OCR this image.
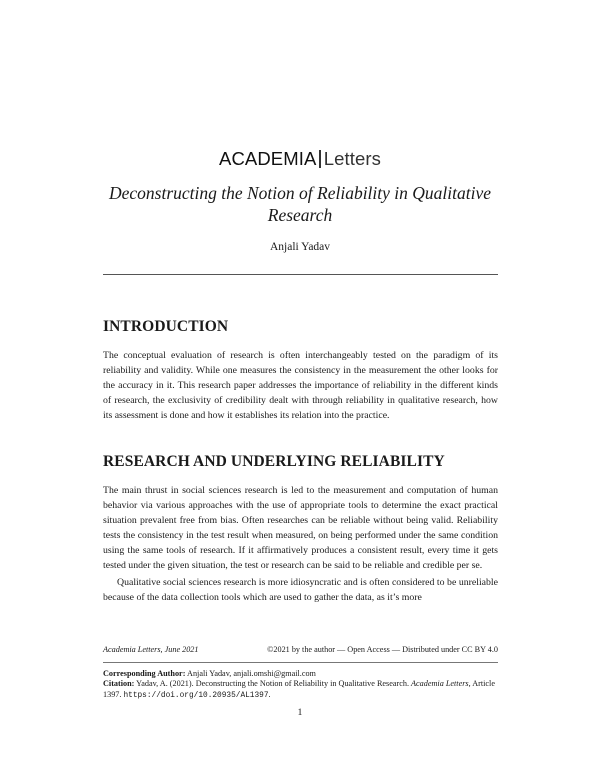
ACADEMIA Letters
Deconstructing the Notion of Reliability in Qualitative Research
Anjali Yadav
INTRODUCTION

The conceptual evaluation of research is often interchangeably tested on the paradigm of its reliability and validity. While one measures the consistency in the measurement the other looks for the accuracy in it. This research paper addresses the importance of reliability in the different kinds of research, the exclusivity of credibility dealt with through reliability in qualitative research, how its assessment is done and how it establishes its relation into the practice.

RESEARCH AND UNDERLYING RELIABILITY

The main thrust in social sciences research is led to the measurement and computation of human behavior via various approaches with the use of appropriate tools to determine the exact practical situation prevalent free from bias. Often researches can be reliable without being valid. Reliability tests the consistency in the test result when measured, on being performed under the same condition using the same tools of research. If it affirmatively produces a consistent result, every time it gets tested under the given situation, the test or research can be said to be reliable and credible per se.

Qualitative social sciences research is more idiosyncratic and is often considered to be unreliable because of the data collection tools which are used to gather the data, as it’s more

Academia Letters, June 2021	©2021 by the author — Open Access — Distributed under CC BY 4.0
Corresponding Author: Anjali Yadav, anjali.omshi@gmail.com
Citation: Yadav, A. (2021). Deconstructing the Notion of Reliability in Qualitative Research. Academia Letters, Article 1397. https://doi.org/10.20935/AL1397.
1
